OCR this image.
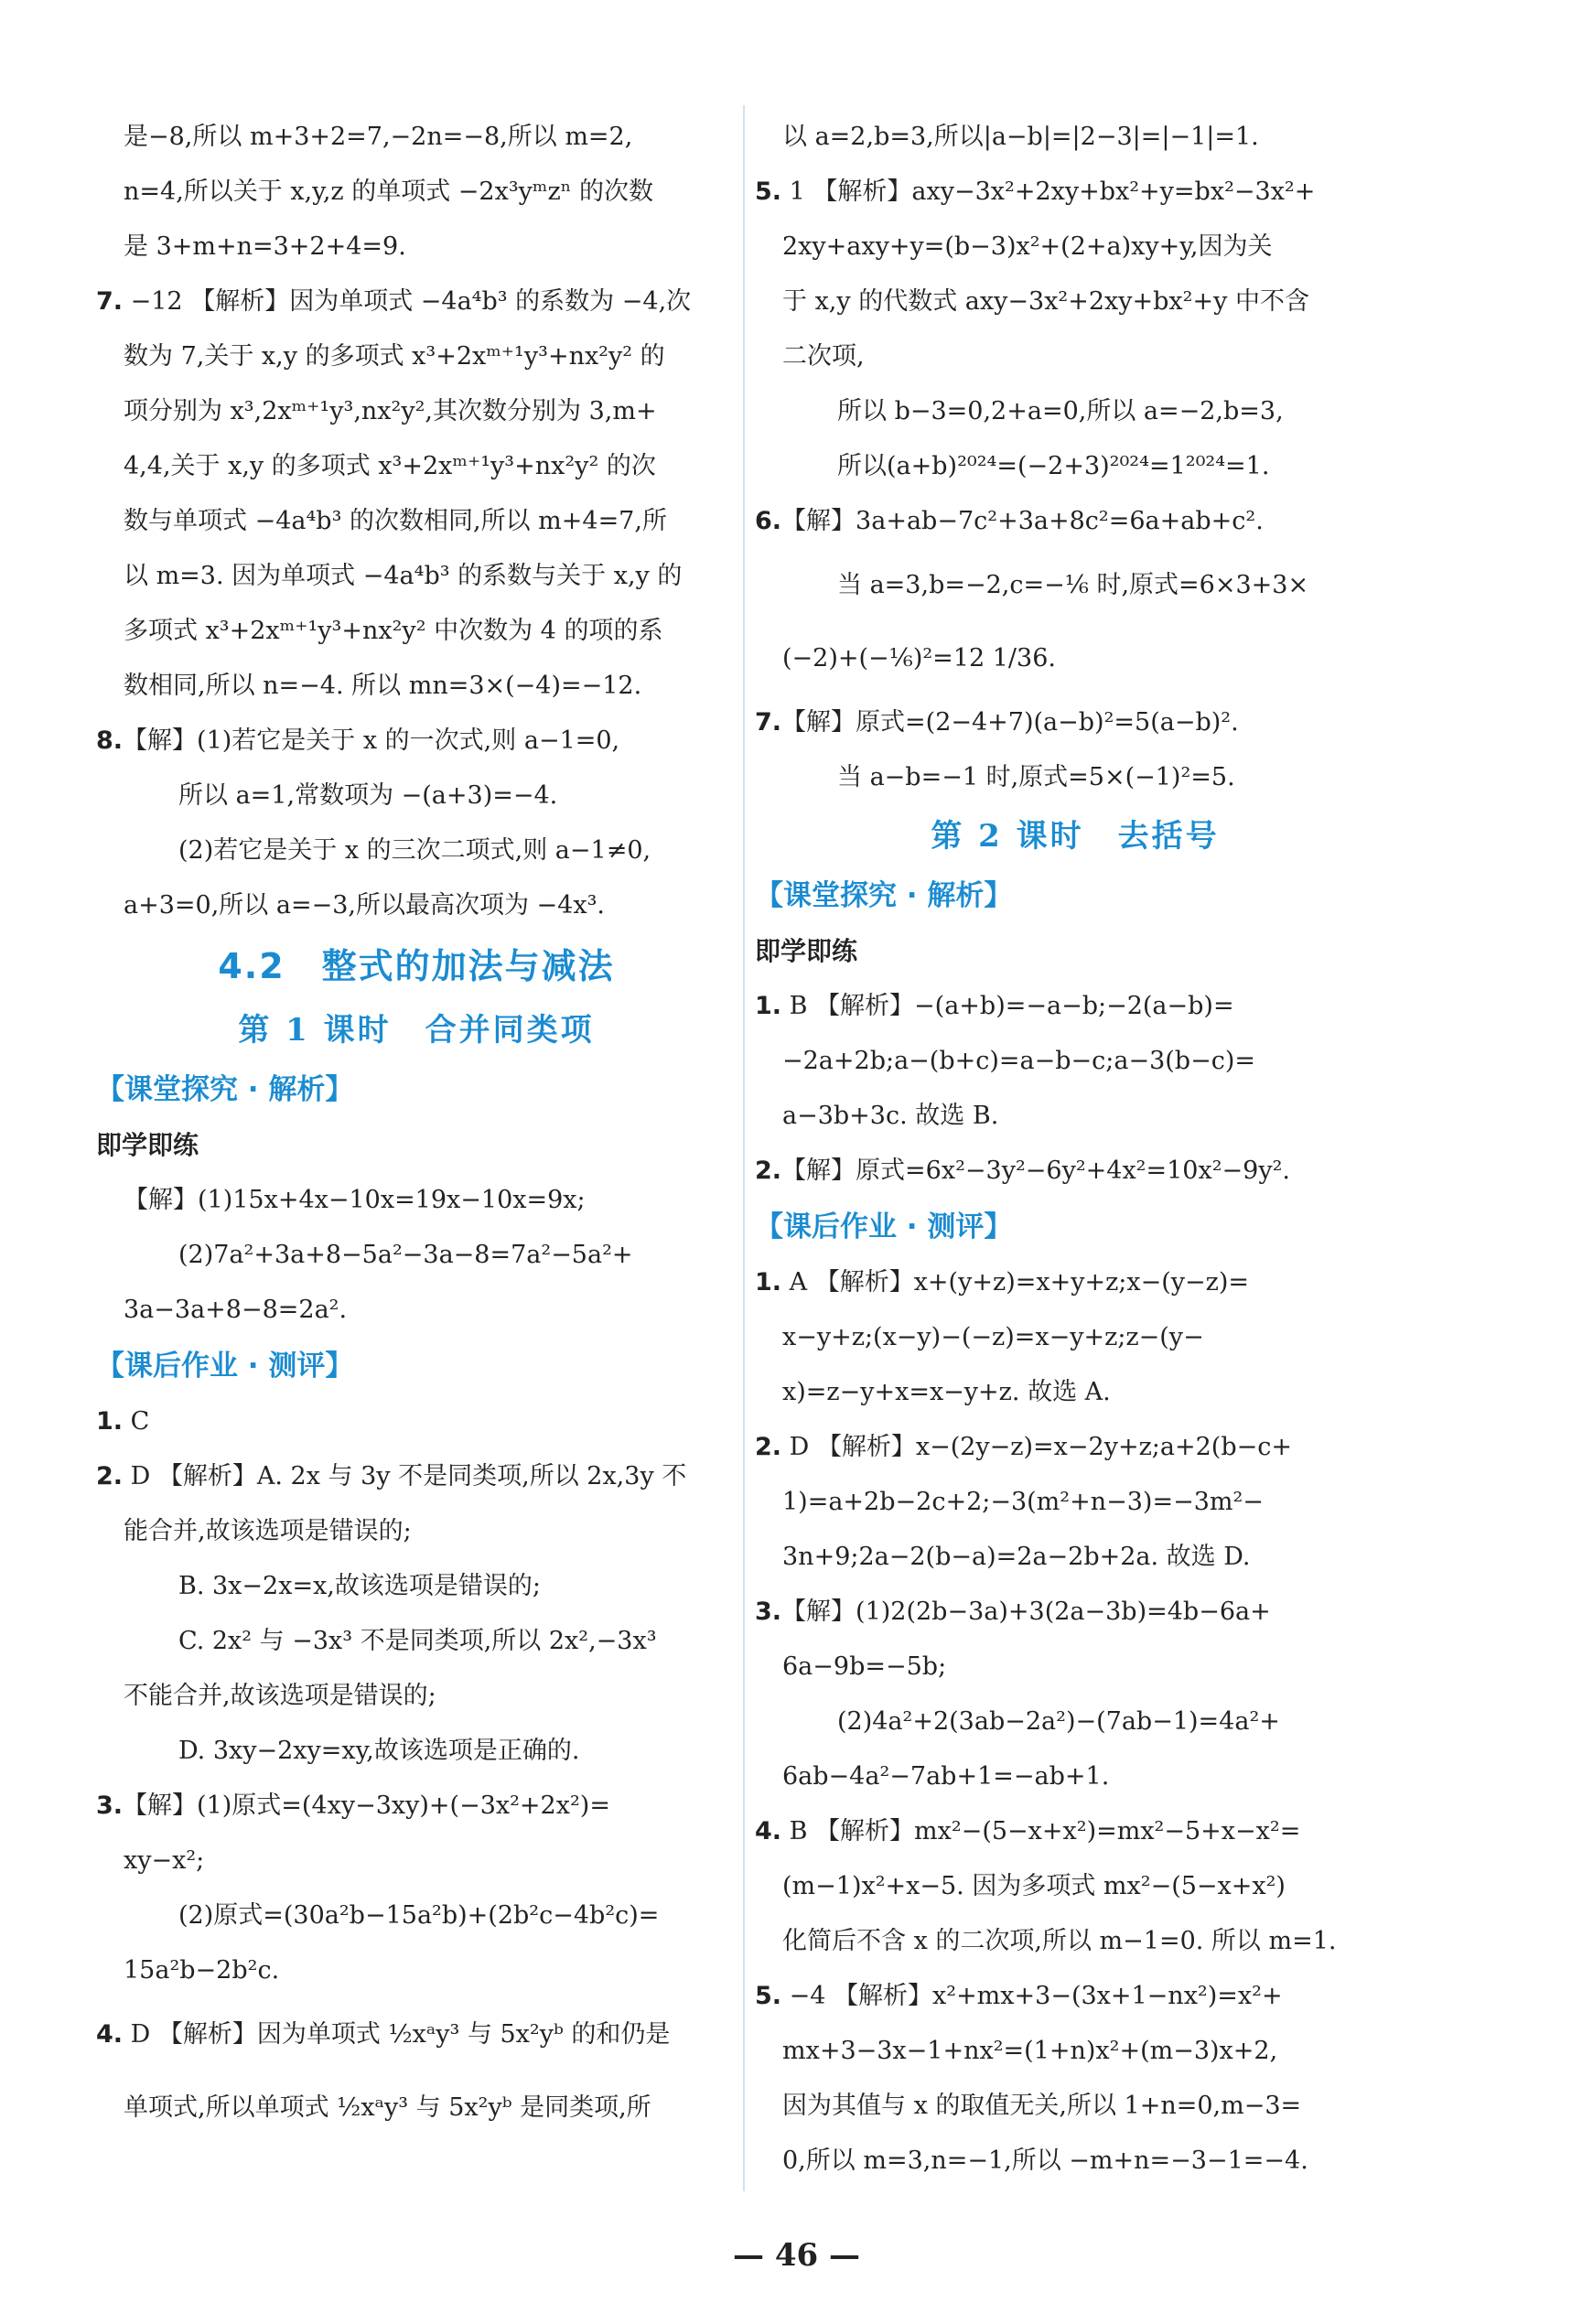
是−8,所以 m+3+2=7,−2n=−8,所以 m=2,
n=4,所以关于 x,y,z 的单项式 −2x³yᵐzⁿ 的次数
是 3+m+n=3+2+4=9.
7. −12 【解析】因为单项式 −4a⁴b³ 的系数为 −4,次
数为 7,关于 x,y 的多项式 x³+2xᵐ⁺¹y³+nx²y² 的
项分别为 x³,2xᵐ⁺¹y³,nx²y²,其次数分别为 3,m+
4,4,关于 x,y 的多项式 x³+2xᵐ⁺¹y³+nx²y² 的次
数与单项式 −4a⁴b³ 的次数相同,所以 m+4=7,所
以 m=3. 因为单项式 −4a⁴b³ 的系数与关于 x,y 的
多项式 x³+2xᵐ⁺¹y³+nx²y² 中次数为 4 的项的系
数相同,所以 n=−4. 所以 mn=3×(−4)=−12.
8.【解】(1)若它是关于 x 的一次式,则 a−1=0,
所以 a=1,常数项为 −(a+3)=−4.
(2)若它是关于 x 的三次二项式,则 a−1≠0,
a+3=0,所以 a=−3,所以最高次项为 −4x³.
4.2　整式的加法与减法
第 1 课时　合并同类项
【课堂探究 · 解析】
即学即练
【解】(1)15x+4x−10x=19x−10x=9x;
(2)7a²+3a+8−5a²−3a−8=7a²−5a²+
3a−3a+8−8=2a².
【课后作业 · 测评】
1. C
2. D 【解析】A. 2x 与 3y 不是同类项,所以 2x,3y 不
能合并,故该选项是错误的;
B. 3x−2x=x,故该选项是错误的;
C. 2x² 与 −3x³ 不是同类项,所以 2x²,−3x³
不能合并,故该选项是错误的;
D. 3xy−2xy=xy,故该选项是正确的.
3.【解】(1)原式=(4xy−3xy)+(−3x²+2x²)=
xy−x²;
(2)原式=(30a²b−15a²b)+(2b²c−4b²c)=
15a²b−2b²c.
4. D 【解析】因为单项式 ½xᵃy³ 与 5x²yᵇ 的和仍是
单项式,所以单项式 ½xᵃy³ 与 5x²yᵇ 是同类项,所
以 a=2,b=3,所以|a−b|=|2−3|=|−1|=1.
5. 1 【解析】axy−3x²+2xy+bx²+y=bx²−3x²+
2xy+axy+y=(b−3)x²+(2+a)xy+y,因为关
于 x,y 的代数式 axy−3x²+2xy+bx²+y 中不含
二次项,
所以 b−3=0,2+a=0,所以 a=−2,b=3,
所以(a+b)²⁰²⁴=(−2+3)²⁰²⁴=1²⁰²⁴=1.
6.【解】3a+ab−7c²+3a+8c²=6a+ab+c².
当 a=3,b=−2,c=−⅙ 时,原式=6×3+3×
(−2)+(−⅙)²=12 1/36.
7.【解】原式=(2−4+7)(a−b)²=5(a−b)².
当 a−b=−1 时,原式=5×(−1)²=5.
第 2 课时　去括号
【课堂探究 · 解析】
即学即练
1. B 【解析】−(a+b)=−a−b;−2(a−b)=
−2a+2b;a−(b+c)=a−b−c;a−3(b−c)=
a−3b+3c. 故选 B.
2.【解】原式=6x²−3y²−6y²+4x²=10x²−9y².
【课后作业 · 测评】
1. A 【解析】x+(y+z)=x+y+z;x−(y−z)=
x−y+z;(x−y)−(−z)=x−y+z;z−(y−
x)=z−y+x=x−y+z. 故选 A.
2. D 【解析】x−(2y−z)=x−2y+z;a+2(b−c+
1)=a+2b−2c+2;−3(m²+n−3)=−3m²−
3n+9;2a−2(b−a)=2a−2b+2a. 故选 D.
3.【解】(1)2(2b−3a)+3(2a−3b)=4b−6a+
6a−9b=−5b;
(2)4a²+2(3ab−2a²)−(7ab−1)=4a²+
6ab−4a²−7ab+1=−ab+1.
4. B 【解析】mx²−(5−x+x²)=mx²−5+x−x²=
(m−1)x²+x−5. 因为多项式 mx²−(5−x+x²)
化简后不含 x 的二次项,所以 m−1=0. 所以 m=1.
5. −4 【解析】x²+mx+3−(3x+1−nx²)=x²+
mx+3−3x−1+nx²=(1+n)x²+(m−3)x+2,
因为其值与 x 的取值无关,所以 1+n=0,m−3=
0,所以 m=3,n=−1,所以 −m+n=−3−1=−4.
— 46 —
